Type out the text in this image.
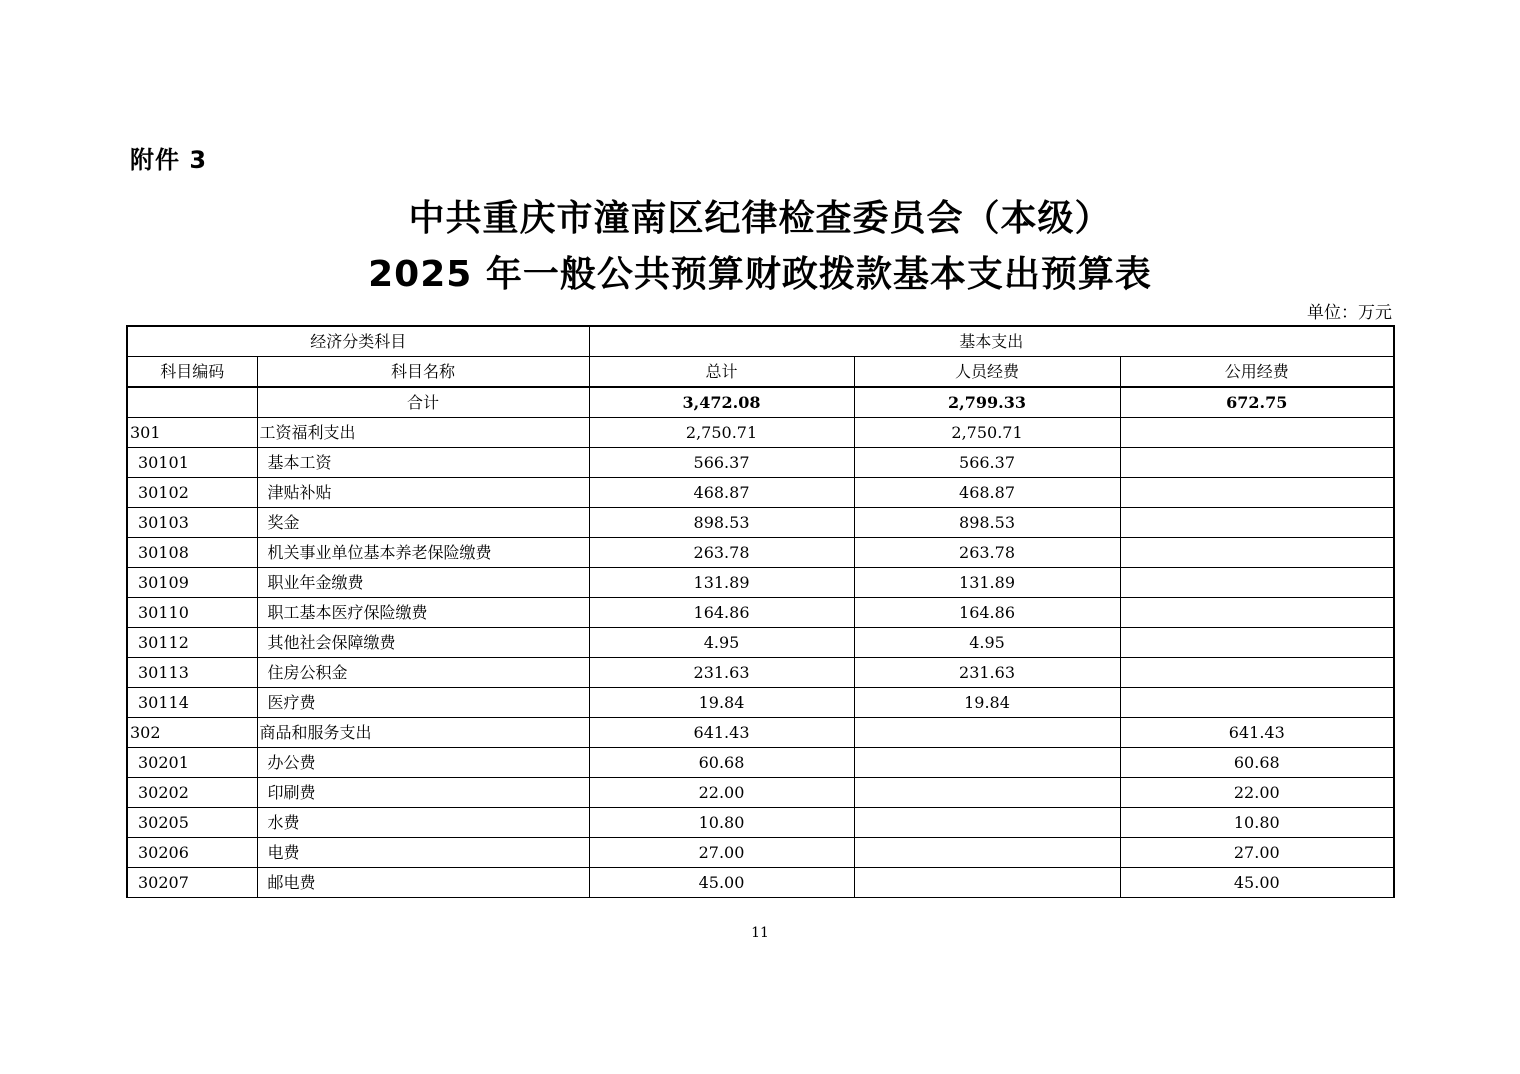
附件 3
中共重庆市潼南区纪律检查委员会（本级）
2025 年一般公共预算财政拨款基本支出预算表
单位：万元
经济分类科目		基本支出		
科目编码	科目名称	总计	人员经费	公用经费
	合计	3,472.08	2,799.33	672.75
301	工资福利支出	2,750.71	2,750.71	
30101	基本工资	566.37	566.37	
30102	津贴补贴	468.87	468.87	
30103	奖金	898.53	898.53	
30108	机关事业单位基本养老保险缴费	263.78	263.78	
30109	职业年金缴费	131.89	131.89	
30110	职工基本医疗保险缴费	164.86	164.86	
30112	其他社会保障缴费	4.95	4.95	
30113	住房公积金	231.63	231.63	
30114	医疗费	19.84	19.84	
302	商品和服务支出	641.43		641.43
30201	办公费	60.68		60.68
30202	印刷费	22.00		22.00
30205	水费	10.80		10.80
30206	电费	27.00		27.00
30207	邮电费	45.00		45.00
11
